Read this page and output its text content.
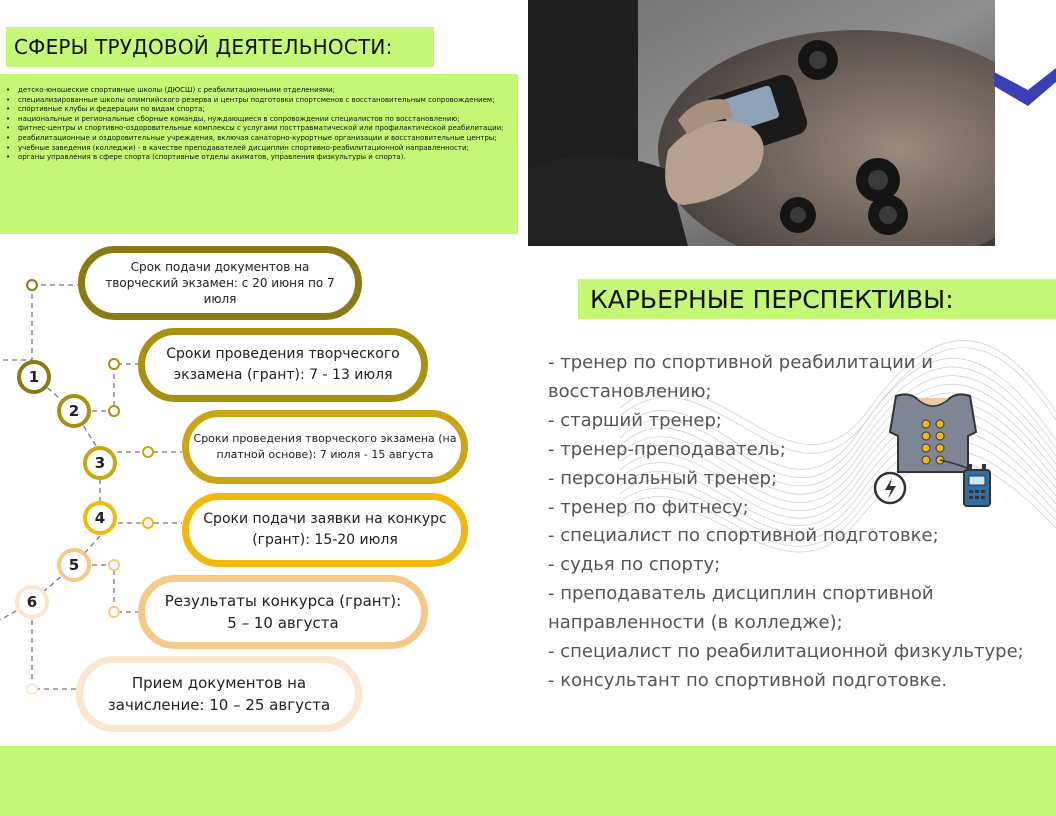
СФЕРЫ ТРУДОВОЙ ДЕЯТЕЛЬНОСТИ:
• детско-юношеские спортивные школы (ДЮСШ) с реабилитационными отделениями;
• специализированные школы олимпийского резерва и центры подготовки спортсменов с восстановительным сопровождением;
• спортивные клубы и федерации по видам спорта;
• национальные и региональные сборные команды, нуждающиеся в сопровождении специалистов по восстановлению;
• фитнес-центры и спортивно-оздоровительные комплексы с услугами посттравматической или профилактической реабилитации;
• реабилитационные и оздоровительные учреждения, включая санаторно-курортные организации и восстановительные центры;
• учебные заведения (колледжи) - в качестве преподавателей дисциплин спортивно-реабилитационной направленности;
• органы управления в сфере спорта (спортивные отделы акиматов, управления физкультуры и спорта).
КАРЬЕРНЫЕ ПЕРСПЕКТИВЫ:
- тренер по спортивной реабилитации и
восстановлению;
- старший тренер;
- тренер-преподаватель;
- персональный тренер;
- тренер по фитнесу;
- специалист по спортивной подготовке;
- судья по спорту;
- преподаватель дисциплин спортивной
направленности (в колледже);
- специалист по реабилитационной физкультуре;
- консультант по спортивной подготовке.
1
2
3
4
5
6
Срок подачи документов на творческий экзамен: с 20 июня по 7 июля
Сроки проведения творческого экзамена (грант): 7 - 13 июля
Сроки проведения творческого экзамена (на платной основе): 7 июля - 15 августа
Сроки подачи заявки на конкурс (грант): 15-20 июля
Результаты конкурса (грант): 5 – 10 августа
Прием документов на зачисление: 10 – 25 августа
